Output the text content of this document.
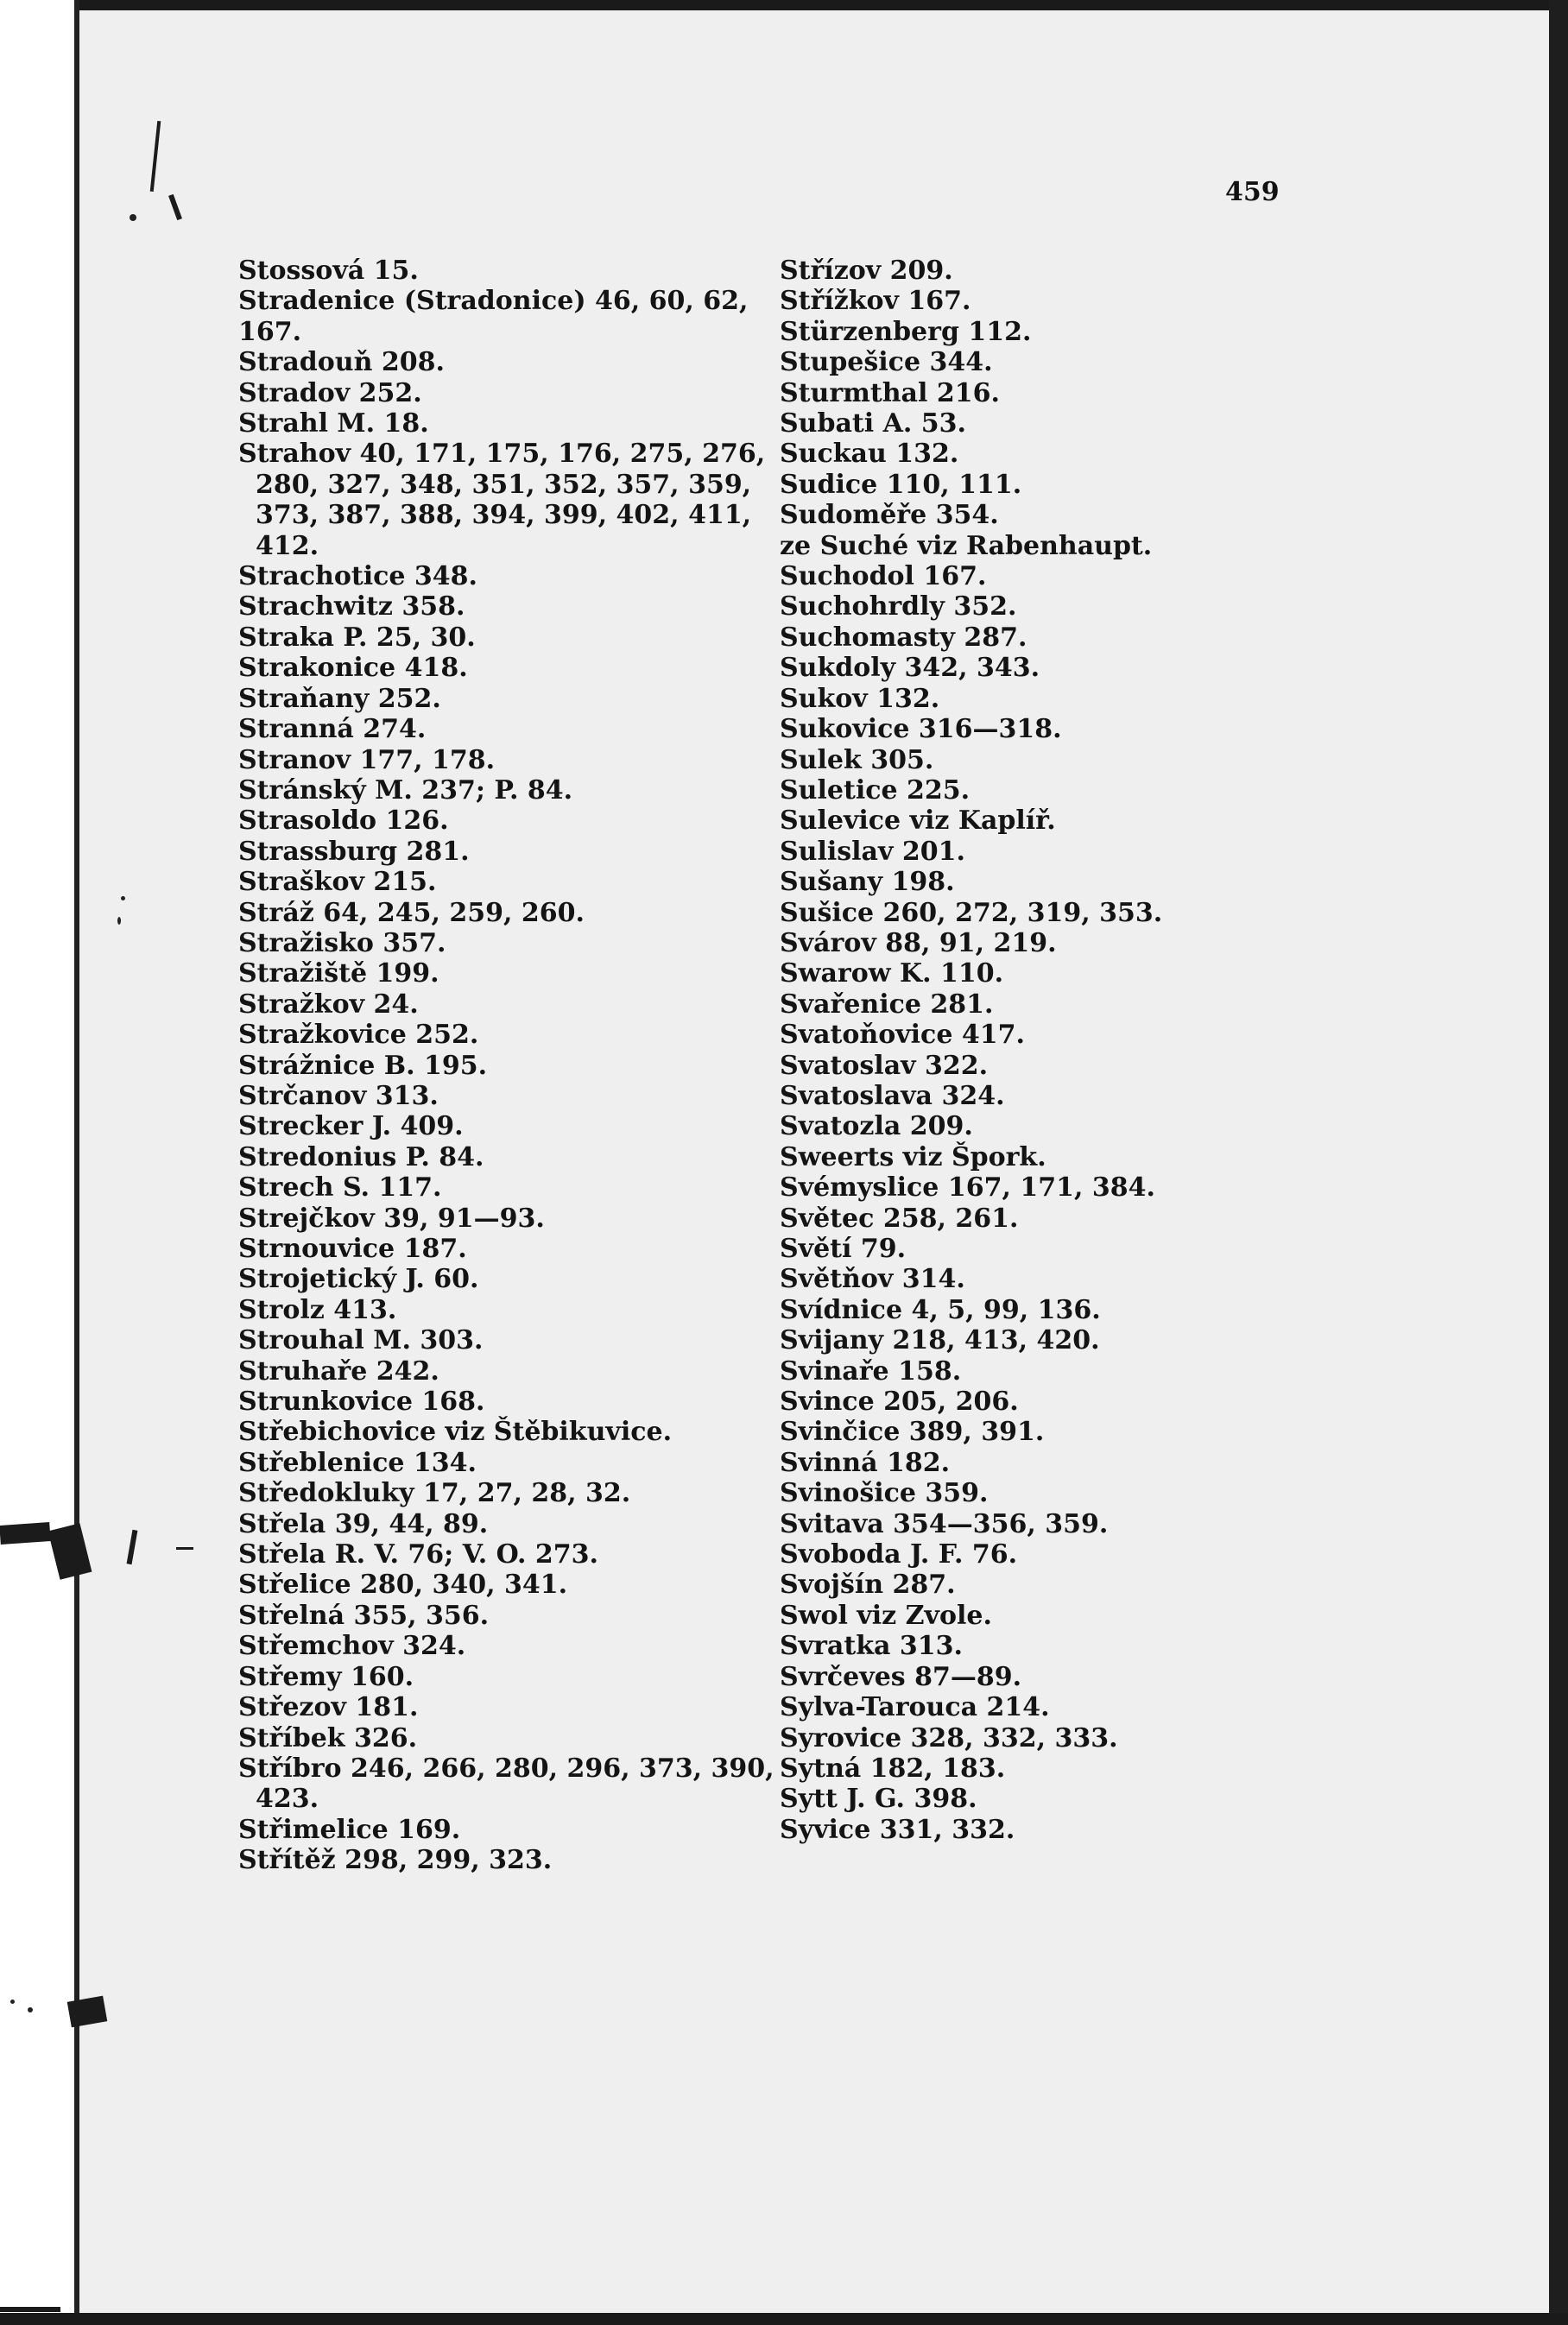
459
Stossová 15.
Stradenice (Stradonice) 46, 60, 62,
167.
Stradouň 208.
Stradov 252.
Strahl M. 18.
Strahov 40, 171, 175, 176, 275, 276,
280, 327, 348, 351, 352, 357, 359,
373, 387, 388, 394, 399, 402, 411,
412.
Strachotice 348.
Strachwitz 358.
Straka P. 25, 30.
Strakonice 418.
Straňany 252.
Stranná 274.
Stranov 177, 178.
Stránský M. 237; P. 84.
Strasoldo 126.
Strassburg 281.
Straškov 215.
Stráž 64, 245, 259, 260.
Stražisko 357.
Stražiště 199.
Stražkov 24.
Stražkovice 252.
Strážnice B. 195.
Strčanov 313.
Strecker J. 409.
Stredonius P. 84.
Strech S. 117.
Strejčkov 39, 91—93.
Strnouvice 187.
Strojetický J. 60.
Strolz 413.
Strouhal M. 303.
Struhaře 242.
Strunkovice 168.
Střebichovice viz Štěbikuvice.
Střeblenice 134.
Středokluky 17, 27, 28, 32.
Střela 39, 44, 89.
Střela R. V. 76; V. O. 273.
Střelice 280, 340, 341.
Střelná 355, 356.
Střemchov 324.
Střemy 160.
Střezov 181.
Stříbek 326.
Stříbro 246, 266, 280, 296, 373, 390,
423.
Střimelice 169.
Střítěž 298, 299, 323.
Střízov 209.
Střížkov 167.
Stürzenberg 112.
Stupešice 344.
Sturmthal 216.
Subati A. 53.
Suckau 132.
Sudice 110, 111.
Sudoměře 354.
ze Suché viz Rabenhaupt.
Suchodol 167.
Suchohrdly 352.
Suchomasty 287.
Sukdoly 342, 343.
Sukov 132.
Sukovice 316—318.
Sulek 305.
Suletice 225.
Sulevice viz Kaplíř.
Sulislav 201.
Sušany 198.
Sušice 260, 272, 319, 353.
Svárov 88, 91, 219.
Swarow K. 110.
Svařenice 281.
Svatoňovice 417.
Svatoslav 322.
Svatoslava 324.
Svatozla 209.
Sweerts viz Špork.
Svémyslice 167, 171, 384.
Světec 258, 261.
Světí 79.
Světňov 314.
Svídnice 4, 5, 99, 136.
Svijany 218, 413, 420.
Svinaře 158.
Svince 205, 206.
Svinčice 389, 391.
Svinná 182.
Svinošice 359.
Svitava 354—356, 359.
Svoboda J. F. 76.
Svojšín 287.
Swol viz Zvole.
Svratka 313.
Svrčeves 87—89.
Sylva-Tarouca 214.
Syrovice 328, 332, 333.
Sytná 182, 183.
Sytt J. G. 398.
Syvice 331, 332.
